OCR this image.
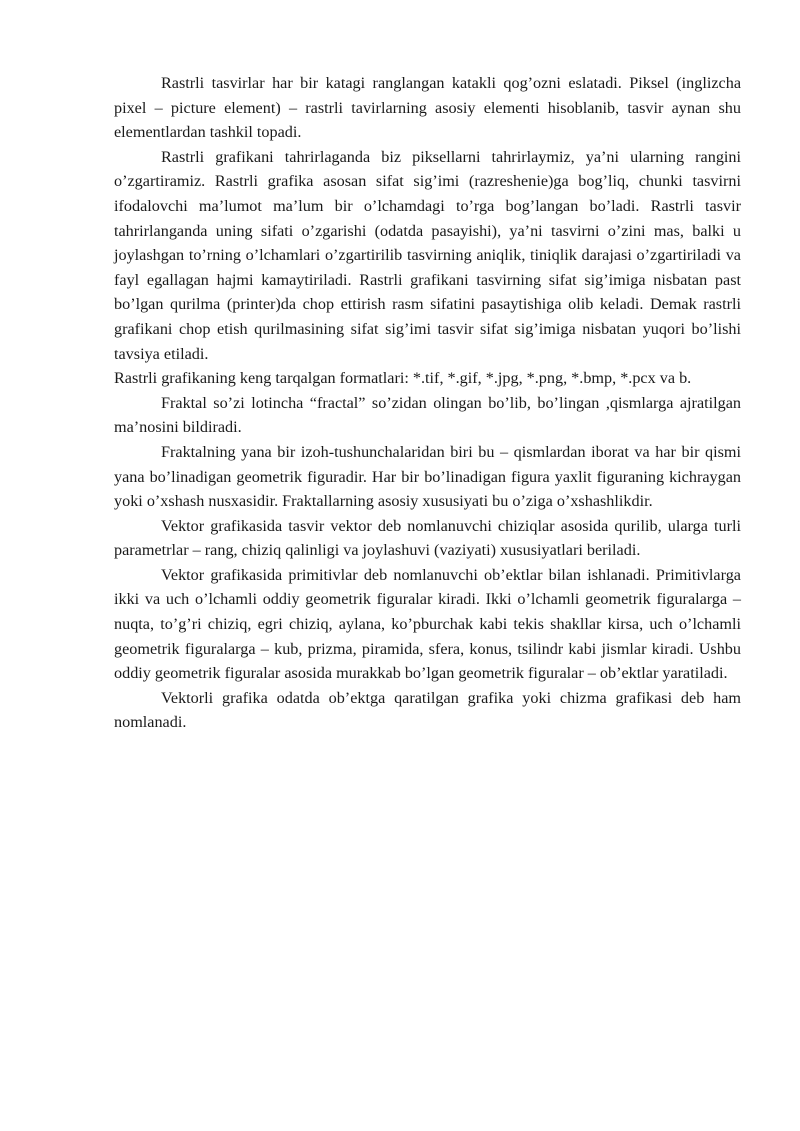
Rastrli tasvirlar har bir katagi ranglangan katakli qog’ozni eslatadi. Piksel (inglizcha pixel – picture element) – rastrli tavirlarning asosiy elementi hisoblanib, tasvir aynan shu elementlardan tashkil topadi.

Rastrli grafikani tahrirlaganda biz piksellarni tahrirlaymiz, ya’ni ularning rangini o’zgartiramiz. Rastrli grafika asosan sifat sig’imi (razreshenie)ga bog’liq, chunki tasvirni ifodalovchi ma’lumot ma’lum bir o’lchamdagi to’rga bog’langan bo’ladi. Rastrli tasvir tahrirlanganda uning sifati o’zgarishi (odatda pasayishi), ya’ni tasvirni o’zini mas, balki u joylashgan to’rning o’lchamlari o’zgartirilib tasvirning aniqlik, tiniqlik darajasi o’zgartiriladi va fayl egallagan hajmi kamaytiriladi. Rastrli grafikani tasvirning sifat sig’imiga nisbatan past bo’lgan qurilma (printer)da chop ettirish rasm sifatini pasaytishiga olib keladi. Demak rastrli grafikani chop etish qurilmasining sifat sig’imi tasvir sifat sig’imiga nisbatan yuqori bo’lishi tavsiya etiladi.

Rastrli grafikaning keng tarqalgan formatlari: *.tif, *.gif, *.jpg, *.png, *.bmp, *.pcx va b.

Fraktal so’zi lotincha “fractal” so’zidan olingan bo’lib, bo’lingan ,qismlarga ajratilgan ma’nosini bildiradi.

Fraktalning yana bir izoh-tushunchalaridan biri bu – qismlardan iborat va har bir qismi yana bo’linadigan geometrik figuradir. Har bir bo’linadigan figura yaxlit figuraning kichraygan yoki o’xshash nusxasidir. Fraktallarning asosiy xususiyati bu o’ziga o’xshashlikdir.

Vektor grafikasida tasvir vektor deb nomlanuvchi chiziqlar asosida qurilib, ularga turli parametrlar – rang, chiziq qalinligi va joylashuvi (vaziyati) xususiyatlari beriladi.

Vektor grafikasida primitivlar deb nomlanuvchi ob’ektlar bilan ishlanadi. Primitivlarga ikki va uch o’lchamli oddiy geometrik figuralar kiradi. Ikki o’lchamli geometrik figuralarga – nuqta, to’g’ri chiziq, egri chiziq, aylana, ko’pburchak kabi tekis shakllar kirsa, uch o’lchamli geometrik figuralarga – kub, prizma, piramida, sfera, konus, tsilindr kabi jismlar kiradi. Ushbu oddiy geometrik figuralar asosida murakkab bo’lgan geometrik figuralar – ob’ektlar yaratiladi.

Vektorli grafika odatda ob’ektga qaratilgan grafika yoki chizma grafikasi deb ham nomlanadi.
